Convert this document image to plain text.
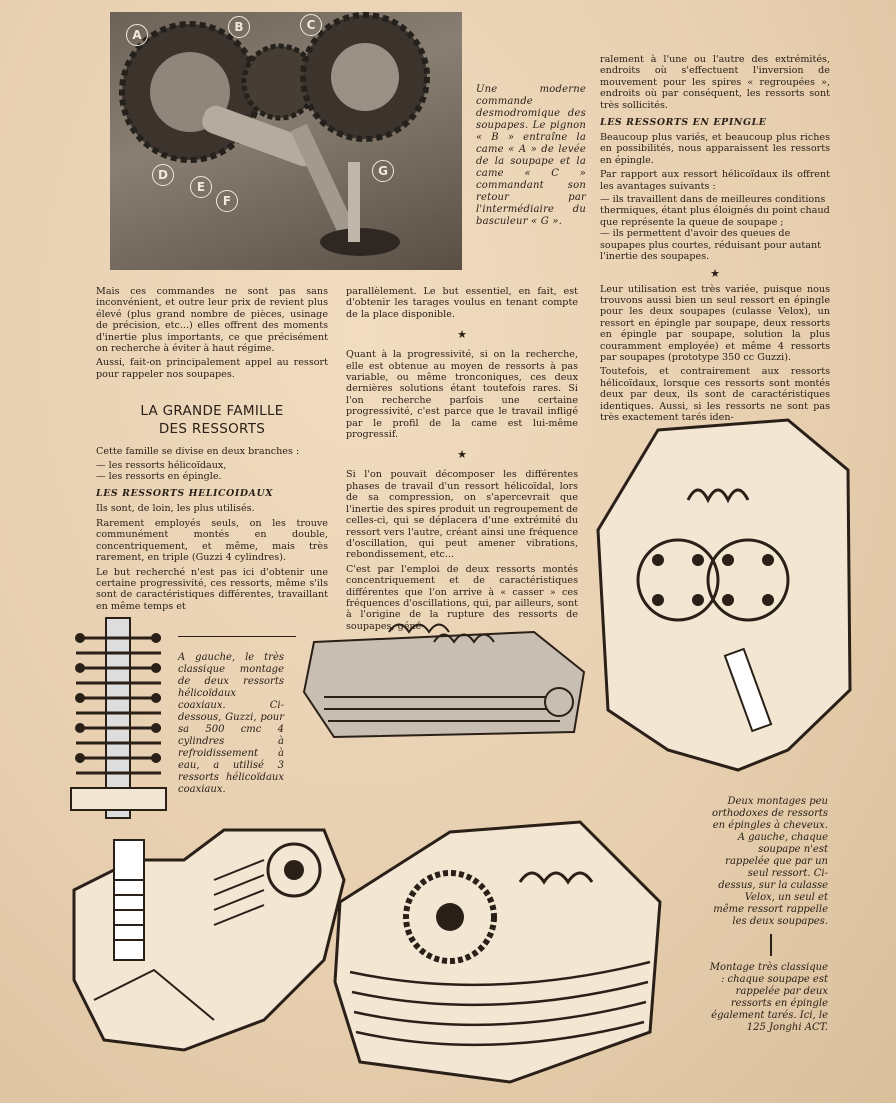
A
B	C
D
E
F
G
Une moderne commande desmodromique des soupapes. Le pignon « B » entraîne la came « A » de levée de la soupape et la came « C » commandant son retour par l'intermédiaire du basculeur « G ».

ralement à l'une ou l'autre des extrémités, endroits où s'effectuent l'inversion de mouvement pour les spires « regroupées », endroits où par conséquent, les ressorts sont très sollicités.

LES RESSORTS EN EPINGLE

Beaucoup plus variés, et beaucoup plus riches en possibilités, nous apparaissent les ressorts en épingle.

Par rapport aux ressort hélicoïdaux ils offrent les avantages suivants :

— ils travaillent dans de meilleures conditions thermiques, étant plus éloignés du point chaud que représente la queue de soupape ;
— ils permettent d'avoir des queues de soupapes plus courtes, réduisant pour autant l'inertie des soupapes.
★

Leur utilisation est très variée, puisque nous trouvons aussi bien un seul ressort en épingle pour les deux soupapes (culasse Velox), un ressort en épingle par soupape, deux ressorts en épingle par soupape, solution la plus couramment employée) et même 4 ressorts par soupapes (prototype 350 cc Guzzi).

Toutefois, et contrairement aux ressorts hélicoïdaux, lorsque ces ressorts sont montés deux par deux, ils sont de caractéristiques identiques. Aussi, si les ressorts ne sont pas très exactement tarés iden-

Mais ces commandes ne sont pas sans inconvénient, et outre leur prix de revient plus élevé (plus grand nombre de pièces, usinage de précision, etc...) elles offrent des moments d'inertie plus importants, ce que précisément on recherche à éviter à haut régime.

Aussi, fait-on principalement appel au ressort pour rappeler nos soupapes.

LA GRANDE FAMILLE
DES RESSORTS

Cette famille se divise en deux branches :

— les ressorts hélicoïdaux,
— les ressorts en épingle.
LES RESSORTS HELICOIDAUX

Ils sont, de loin, les plus utilisés.

Rarement employés seuls, on les trouve communément montés en double, concentriquement, et même, mais très rarement, en triple (Guzzi 4 cylindres).

Le but recherché n'est pas ici d'obtenir une certaine progressivité, ces ressorts, même s'ils sont de caractéristiques différentes, travaillant en même temps et

parallèlement. Le but essentiel, en fait, est d'obtenir les tarages voulus en tenant compte de la place disponible.

★

Quant à la progressivité, si on la recherche, elle est obtenue au moyen de ressorts à pas variable, ou même tronconiques, ces deux dernières solutions étant toutefois rares. Si l'on recherche parfois une certaine progressivité, c'est parce que le travail infligé par le profil de la came est lui-même progressif.

★

Si l'on pouvait décomposer les différentes phases de travail d'un ressort hélicoïdal, lors de sa compression, on s'apercevrait que l'inertie des spires produit un regroupement de celles-ci, qui se déplacera d'une extrémité du ressort vers l'autre, créant ainsi une fréquence d'oscillation, qui peut amener vibrations, rebondissement, etc...

C'est par l'emploi de deux ressorts montés concentriquement et de caractéristiques différentes que l'on arrive à « casser » ces fréquences d'oscillations, qui, par ailleurs, sont à l'origine de la rupture des ressorts de soupapes, géné-

A gauche, le très classique montage de deux ressorts hélicoïdaux coaxiaux. Ci-dessous, Guzzi, pour sa 500 cmc 4 cylindres à refroidissement à eau, a utilisé 3 ressorts hélicoïdaux coaxiaux.
Deux montages peu orthodoxes de ressorts en épingles à cheveux. A gauche, chaque soupape n'est rappelée que par un seul ressort. Ci-dessus, sur la culasse Velox, un seul et même ressort rappelle les deux soupapes.
Montage très classique : chaque soupape est rappelée par deux ressorts en épingle également tarés. Ici, le 125 Jonghi ACT.
